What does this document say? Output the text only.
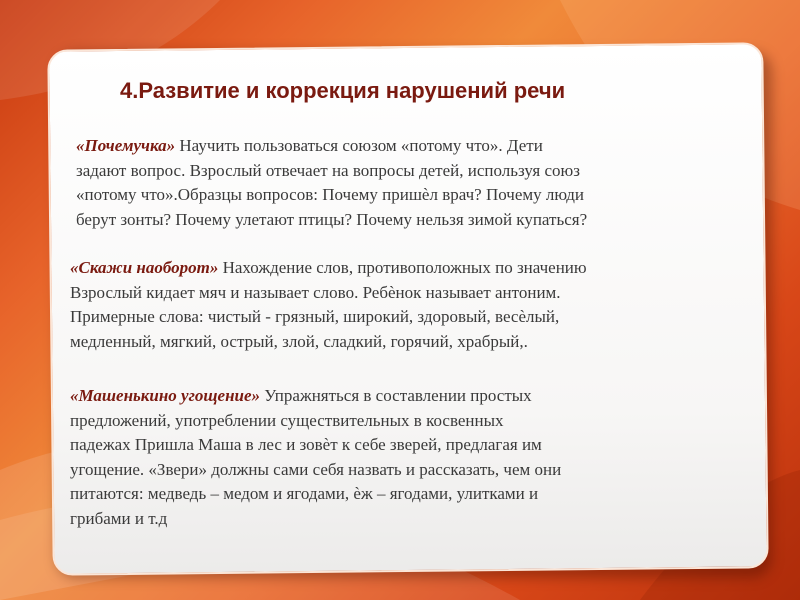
4.Развитие и коррекция нарушений речи

«Почемучка» Научить пользоваться союзом «потому что». Дети
задают вопрос. Взрослый отвечает на вопросы детей, используя союз
«потому что».Образцы вопросов: Почему пришѐл врач? Почему люди
берут зонты? Почему улетают птицы? Почему нельзя зимой купаться?

«Скажи наоборот» Нахождение слов, противоположных по значению
Взрослый кидает мяч и называет слово. Ребѐнок называет антоним.
Примерные слова: чистый - грязный, широкий, здоровый, весѐлый,
медленный, мягкий, острый, злой, сладкий, горячий, храбрый,.

«Машенькино угощение» Упражняться в составлении простых
предложений, употреблении существительных в косвенных
падежах Пришла Маша в лес и зовѐт к себе зверей, предлагая им
угощение. «Звери» должны сами себя назвать и рассказать, чем они
питаются: медведь – медом и ягодами, ѐж – ягодами, улитками и
грибами и т.д
